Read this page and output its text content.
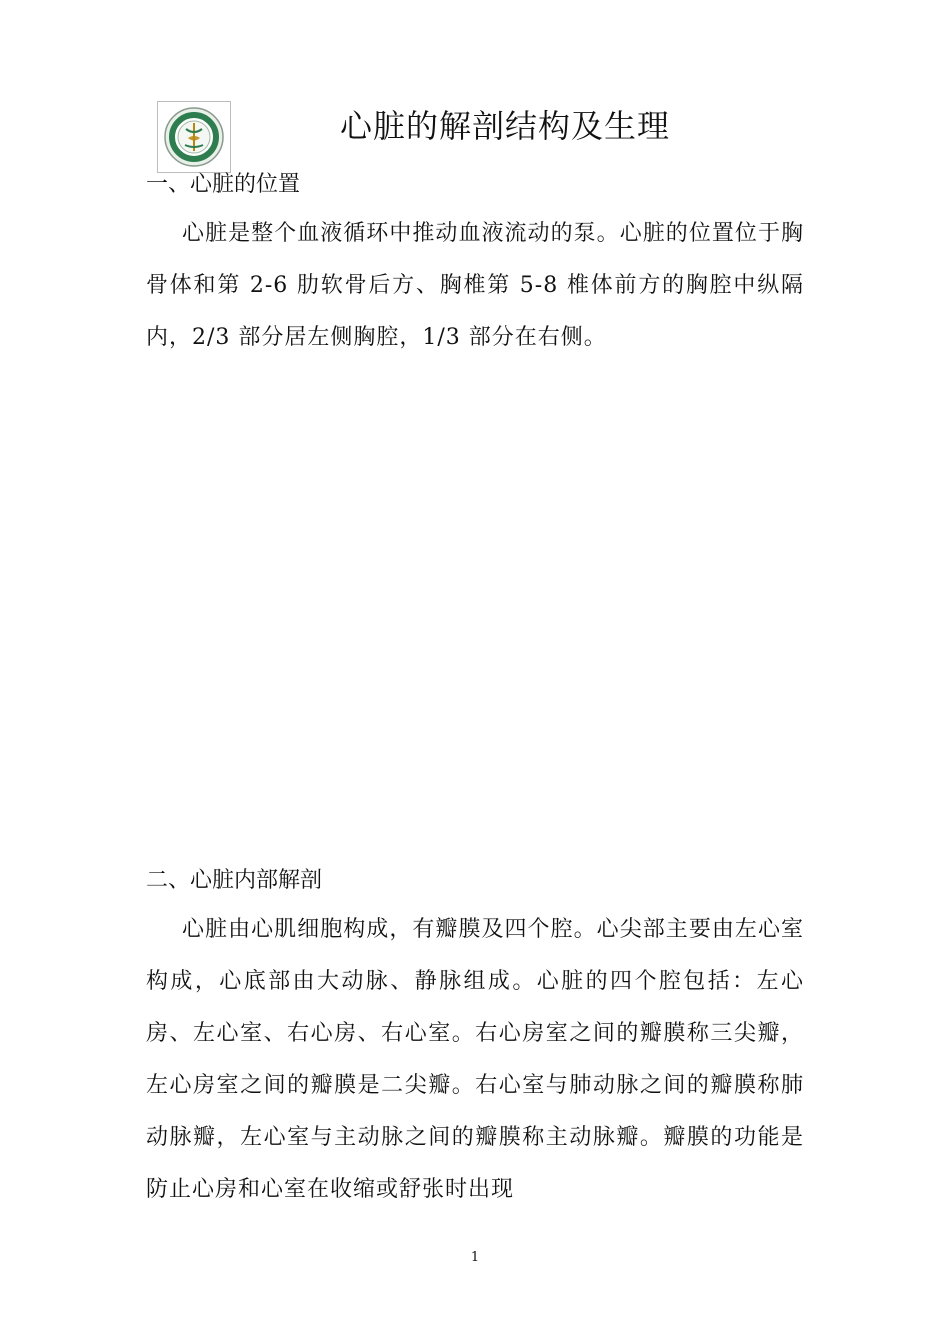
心脏的解剖结构及生理
一、心脏的位置
心脏是整个血液循环中推动血液流动的泵。心脏的位置位于胸骨体和第 2-6 肋软骨后方、胸椎第 5-8 椎体前方的胸腔中纵隔内，2/3 部分居左侧胸腔，1/3 部分在右侧。
二、心脏内部解剖
心脏由心肌细胞构成，有瓣膜及四个腔。心尖部主要由左心室构成，心底部由大动脉、静脉组成。心脏的四个腔包括：左心房、左心室、右心房、右心室。右心房室之间的瓣膜称三尖瓣，左心房室之间的瓣膜是二尖瓣。右心室与肺动脉之间的瓣膜称肺动脉瓣，左心室与主动脉之间的瓣膜称主动脉瓣。瓣膜的功能是防止心房和心室在收缩或舒张时出现
1
